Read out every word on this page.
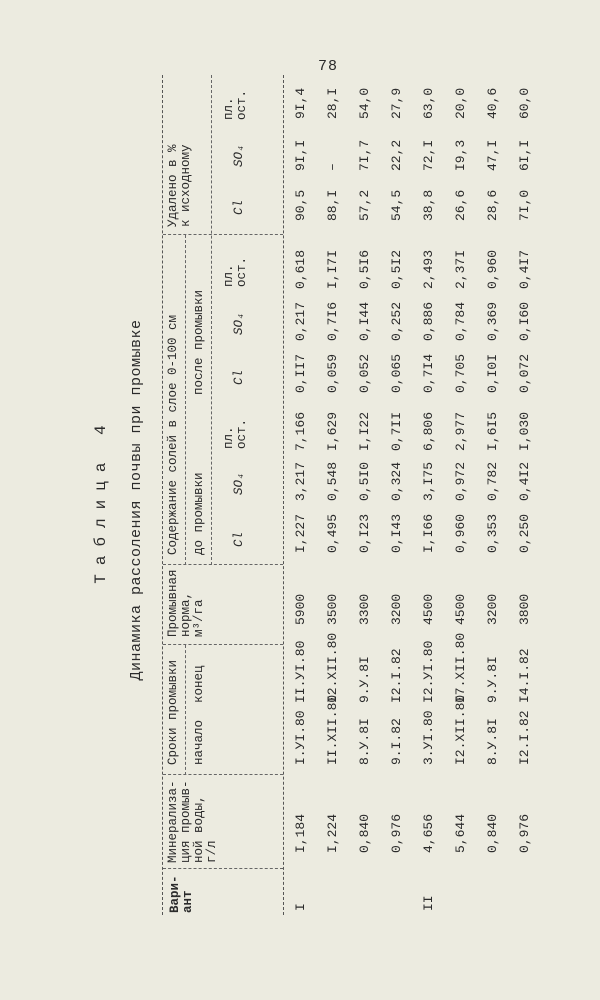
78
Таблица 4 Динамика рассоления почвы при промывке
Вари-
ант
Минерализа-
ция промыв-
ной воды,
г/л
Сроки промывки начало
конец
Промывная
норма,
м³/га
Содержание солей в слое 0-100 см до промывки
после промывки
Cl
SO₄
пл.
ост.
Cl
SO₄
пл.
ост.
Удалено в %
к исходному	Cl
SO₄
пл.
ост.
I
I,184
I.УI.80
II.УI.80
5900
I,227
3,217
7,166
0,II7
0,217
0,618
90,5
9I,I
9I,4
I,224
II.XII.80
I2.XII.80
3500
0,495
0,548
I,629
0,059
0,7I6
I,I7I
88,I
–
28,I
0,840
8.У.8I
9.У.8I
3300
0,I23
0,5I0
I,I22
0,052
0,I44
0,5I6
57,2
7I,7
54,0
0,976
9.I.82
I2.I.82
3200
0,I43
0,324
0,7II
0,065
0,252
0,5I2
54,5
22,2
27,9
II
4,656
3.УI.80
I2.УI.80
4500
I,I66
3,I75
6,806
0,7I4
0,886
2,493
38,8
72,I
63,0
5,644
I2.XII.80
I7.XII.80
4500
0,960
0,972
2,977
0,705
0,784
2,37I
26,6
I9,3
20,0
0,840
8.У.8I
9.У.8I
3200
0,353
0,782
I,6I5
0,I0I
0,369
0,960
28,6
47,I
40,6
0,976
I2.I.82
I4.I.82
3800
0,250
0,4I2
I,030
0,072
0,I60
0,4I7
7I,0
6I,I
60,0
